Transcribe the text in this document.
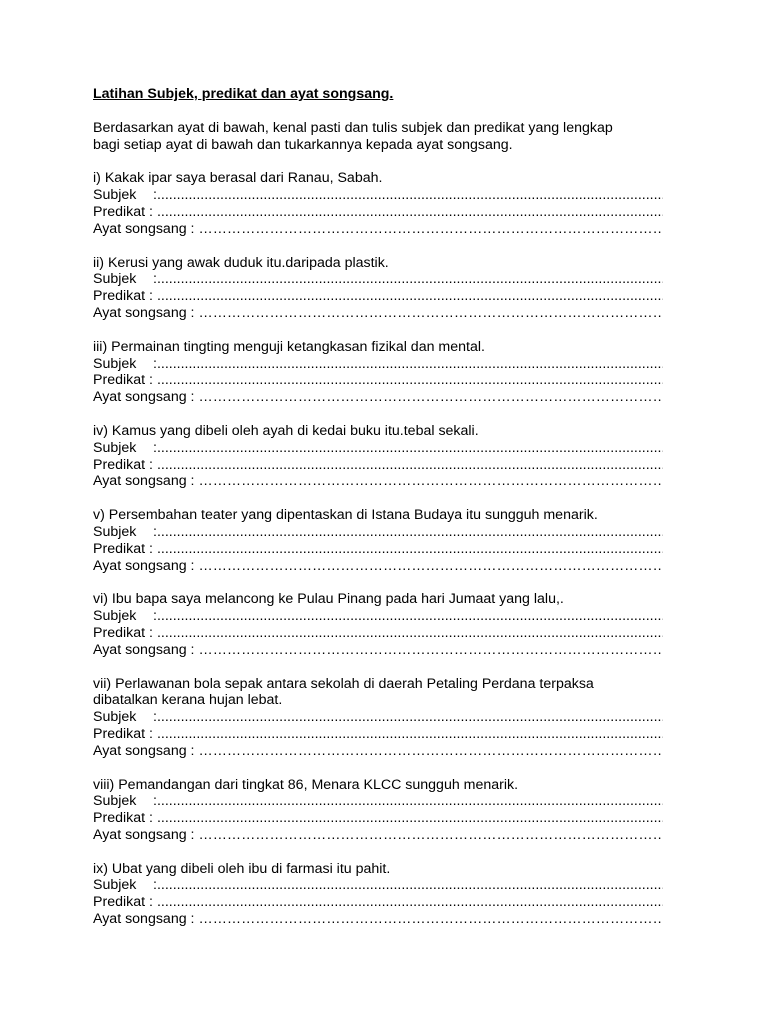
Latihan Subjek, predikat dan ayat songsang.

Berdasarkan ayat di bawah, kenal pasti dan tulis subjek dan predikat yang lengkap

bagi setiap ayat di bawah dan tukarkannya kepada ayat songsang.

i) Kakak ipar saya berasal dari Ranau, Sabah.

Subjek	:
.....
Predikat :
.....
Ayat songsang :
…………………………………………………………………………………………………………………………………………………

ii) Kerusi yang awak duduk itu.daripada plastik.

Subjek	:
.....
Predikat :
.....
Ayat songsang :
…………………………………………………………………………………………………………………………………………………

iii) Permainan tingting menguji ketangkasan fizikal dan mental.

Subjek	:
.....
Predikat :
.....
Ayat songsang :
…………………………………………………………………………………………………………………………………………………

iv) Kamus yang dibeli oleh ayah di kedai buku itu.tebal sekali.

Subjek	:
.....
Predikat :
.....
Ayat songsang :
…………………………………………………………………………………………………………………………………………………

v) Persembahan teater yang dipentaskan di Istana Budaya itu sungguh menarik.

Subjek	:
.....
Predikat :
.....
Ayat songsang :
…………………………………………………………………………………………………………………………………………………

vi) Ibu bapa saya melancong ke Pulau Pinang pada hari Jumaat yang lalu,.

Subjek	:
.....
Predikat :
.....
Ayat songsang :
…………………………………………………………………………………………………………………………………………………

vii) Perlawanan bola sepak antara sekolah di daerah Petaling Perdana terpaksa

dibatalkan kerana hujan lebat.

Subjek	:
.....
Predikat :
.....
Ayat songsang :
…………………………………………………………………………………………………………………………………………………

viii) Pemandangan dari tingkat 86, Menara KLCC sungguh menarik.

Subjek	:
.....
Predikat :
.....
Ayat songsang :
…………………………………………………………………………………………………………………………………………………

ix) Ubat yang dibeli oleh ibu di farmasi itu pahit.

Subjek	:
.....
Predikat :
.....
Ayat songsang :
…………………………………………………………………………………………………………………………………………………
